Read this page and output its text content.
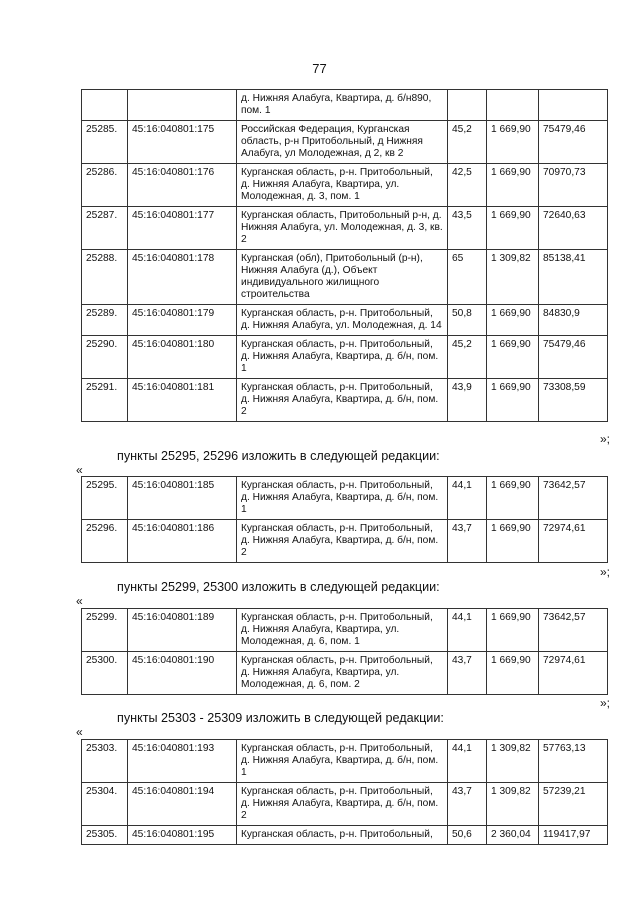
77
		д. Нижняя Алабуга, Квартира, д. б/н890, пом. 1			
25285.	45:16:040801:175	Российская Федерация, Курганская область, р-н Притобольный, д Нижняя Алабуга, ул Молодежная, д 2, кв 2	45,2	1 669,90	75479,46
25286.	45:16:040801:176	Курганская область, р-н. Притобольный, д. Нижняя Алабуга, Квартира, ул. Молодежная, д. 3, пом. 1	42,5	1 669,90	70970,73
25287.	45:16:040801:177	Курганская область, Притобольный р-н, д. Нижняя Алабуга, ул. Молодежная, д. 3, кв. 2	43,5	1 669,90	72640,63
25288.	45:16:040801:178	Курганская (обл), Притобольный (р-н), Нижняя Алабуга (д.), Объект индивидуального жилищного строительства	65	1 309,82	85138,41
25289.	45:16:040801:179	Курганская область, р-н. Притобольный, д. Нижняя Алабуга, ул. Молодежная, д. 14	50,8	1 669,90	84830,9
25290.	45:16:040801:180	Курганская область, р-н. Притобольный, д. Нижняя Алабуга, Квартира, д. б/н, пом. 1	45,2	1 669,90	75479,46
25291.	45:16:040801:181	Курганская область, р-н. Притобольный, д. Нижняя Алабуга, Квартира, д. б/н, пом. 2	43,9	1 669,90	73308,59
»;
пункты 25295, 25296 изложить в следующей редакции:
«
25295.	45:16:040801:185	Курганская область, р-н. Притобольный, д. Нижняя Алабуга, Квартира, д. б/н, пом. 1	44,1	1 669,90	73642,57
25296.	45:16:040801:186	Курганская область, р-н. Притобольный, д. Нижняя Алабуга, Квартира, д. б/н, пом. 2	43,7	1 669,90	72974,61
»;
пункты 25299, 25300 изложить в следующей редакции:
«
25299.	45:16:040801:189	Курганская область, р-н. Притобольный, д. Нижняя Алабуга, Квартира, ул. Молодежная, д. 6, пом. 1	44,1	1 669,90	73642,57
25300.	45:16:040801:190	Курганская область, р-н. Притобольный, д. Нижняя Алабуга, Квартира, ул. Молодежная, д. 6, пом. 2	43,7	1 669,90	72974,61
»;
пункты 25303 - 25309 изложить в следующей редакции:
«
25303.	45:16:040801:193	Курганская область, р-н. Притобольный, д. Нижняя Алабуга, Квартира, д. б/н, пом. 1	44,1	1 309,82	57763,13
25304.	45:16:040801:194	Курганская область, р-н. Притобольный, д. Нижняя Алабуга, Квартира, д. б/н, пом. 2	43,7	1 309,82	57239,21
25305.	45:16:040801:195	Курганская область, р-н. Притобольный,	50,6	2 360,04	119417,97
